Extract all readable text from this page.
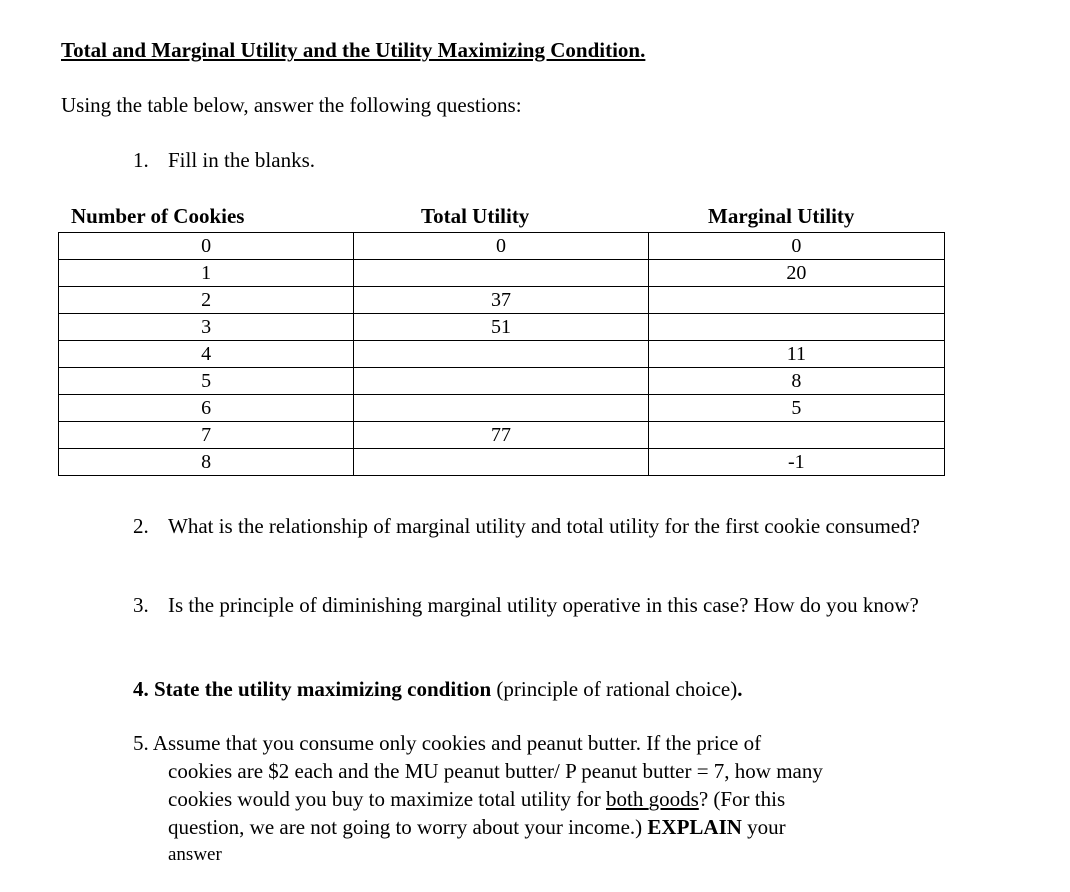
Total and Marginal Utility and the Utility Maximizing Condition.
Using the table below, answer the following questions:
1. Fill in the blanks.
Number of Cookies	Total Utility	Marginal Utility
0	0	0
1		20
2	37	
3	51	
4		11
5		8
6		5
7	77	
8		-1
2. What is the relationship of marginal utility and total utility for the first cookie consumed?
3. Is the principle of diminishing marginal utility operative in this case? How do you know?
4. State the utility maximizing condition (principle of rational choice).
5. Assume that you consume only cookies and peanut butter. If the price of
cookies are $2 each and the MU peanut butter/ P peanut butter = 7, how many
cookies would you buy to maximize total utility for both goods? (For this
question, we are not going to worry about your income.) EXPLAIN your
answer
